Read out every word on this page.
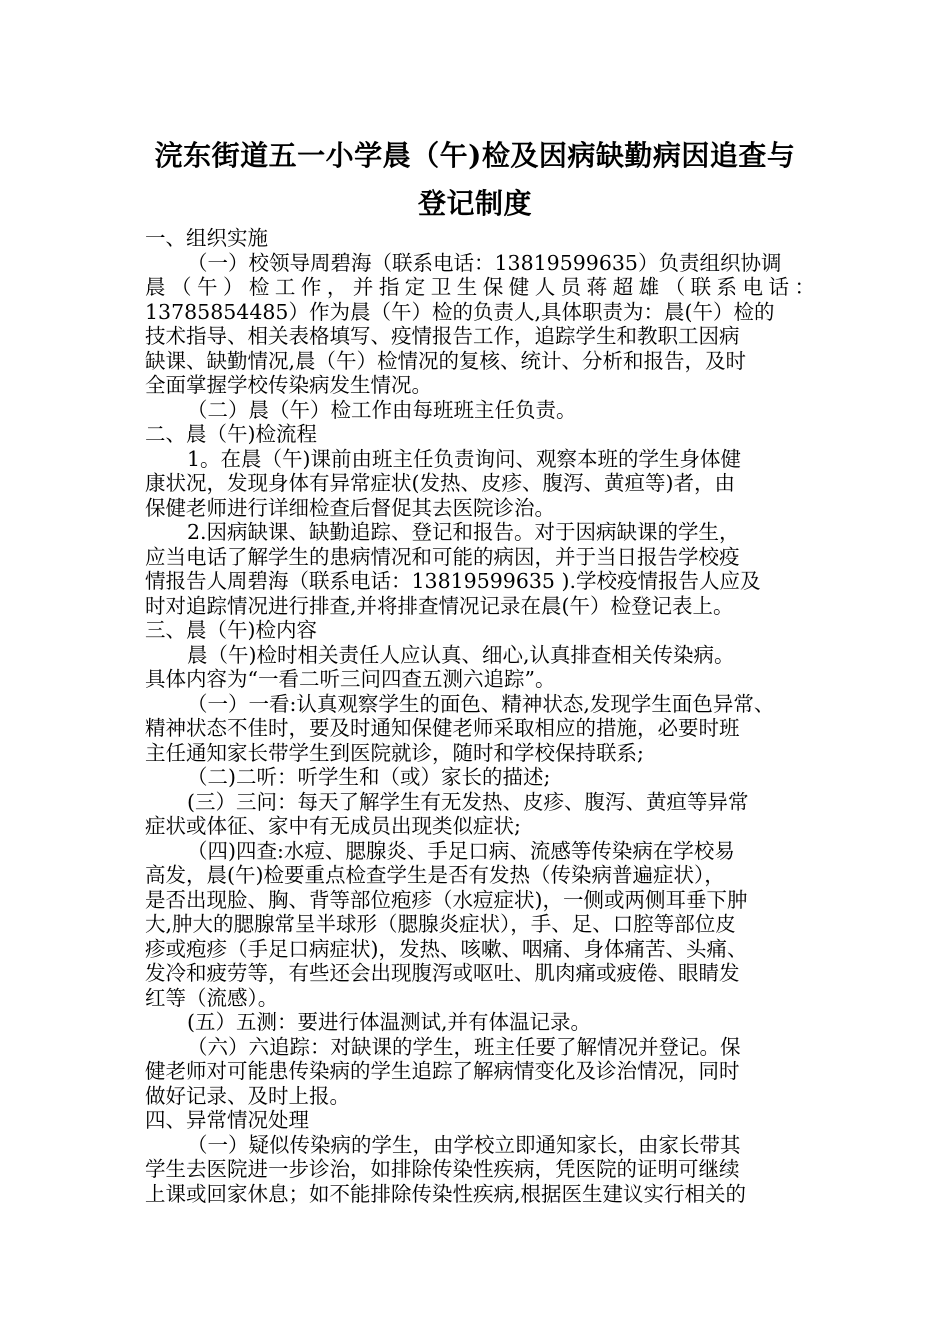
浣东街道五一小学晨（午)检及因病缺勤病因追查与
登记制度
一、组织实施
（一）校领导周碧海（联系电话：13819599635）负责组织协调
晨（午）检工作，并指定卫生保健人员蒋超雄（联系电话：
13785854485）作为晨（午）检的负责人,具体职责为：晨(午）检的
技术指导、相关表格填写、疫情报告工作，追踪学生和教职工因病
缺课、缺勤情况,晨（午）检情况的复核、统计、分析和报告，及时
全面掌握学校传染病发生情况。
（二）晨（午）检工作由每班班主任负责。
二、晨（午)检流程
1。在晨（午)课前由班主任负责询问、观察本班的学生身体健
康状况，发现身体有异常症状(发热、皮疹、腹泻、黄疸等)者，由
保健老师进行详细检查后督促其去医院诊治。
2.因病缺课、缺勤追踪、登记和报告。对于因病缺课的学生，
应当电话了解学生的患病情况和可能的病因，并于当日报告学校疫
情报告人周碧海（联系电话：13819599635 ).学校疫情报告人应及
时对追踪情况进行排查,并将排查情况记录在晨(午）检登记表上。
三、晨（午)检内容
晨（午)检时相关责任人应认真、细心,认真排查相关传染病。
具体内容为“一看二听三问四查五测六追踪”。
（一）一看:认真观察学生的面色、精神状态,发现学生面色异常、
精神状态不佳时，要及时通知保健老师采取相应的措施，必要时班
主任通知家长带学生到医院就诊，随时和学校保持联系;
（二)二听：听学生和（或）家长的描述;
(三）三问：每天了解学生有无发热、皮疹、腹泻、黄疸等异常
症状或体征、家中有无成员出现类似症状;
（四)四查:水痘、腮腺炎、手足口病、流感等传染病在学校易
高发，晨(午)检要重点检查学生是否有发热（传染病普遍症状），
是否出现脸、胸、背等部位疱疹（水痘症状)，一侧或两侧耳垂下肿
大,肿大的腮腺常呈半球形（腮腺炎症状），手、足、口腔等部位皮
疹或疱疹（手足口病症状)，发热、咳嗽、咽痛、身体痛苦、头痛、
发冷和疲劳等，有些还会出现腹泻或呕吐、肌肉痛或疲倦、眼睛发
红等（流感）。
(五）五测：要进行体温测试,并有体温记录。
（六）六追踪：对缺课的学生，班主任要了解情况并登记。保
健老师对可能患传染病的学生追踪了解病情变化及诊治情况，同时
做好记录、及时上报。
四、异常情况处理
（一）疑似传染病的学生，由学校立即通知家长，由家长带其
学生去医院进一步诊治，如排除传染性疾病，凭医院的证明可继续
上课或回家休息；如不能排除传染性疾病,根据医生建议实行相关的
